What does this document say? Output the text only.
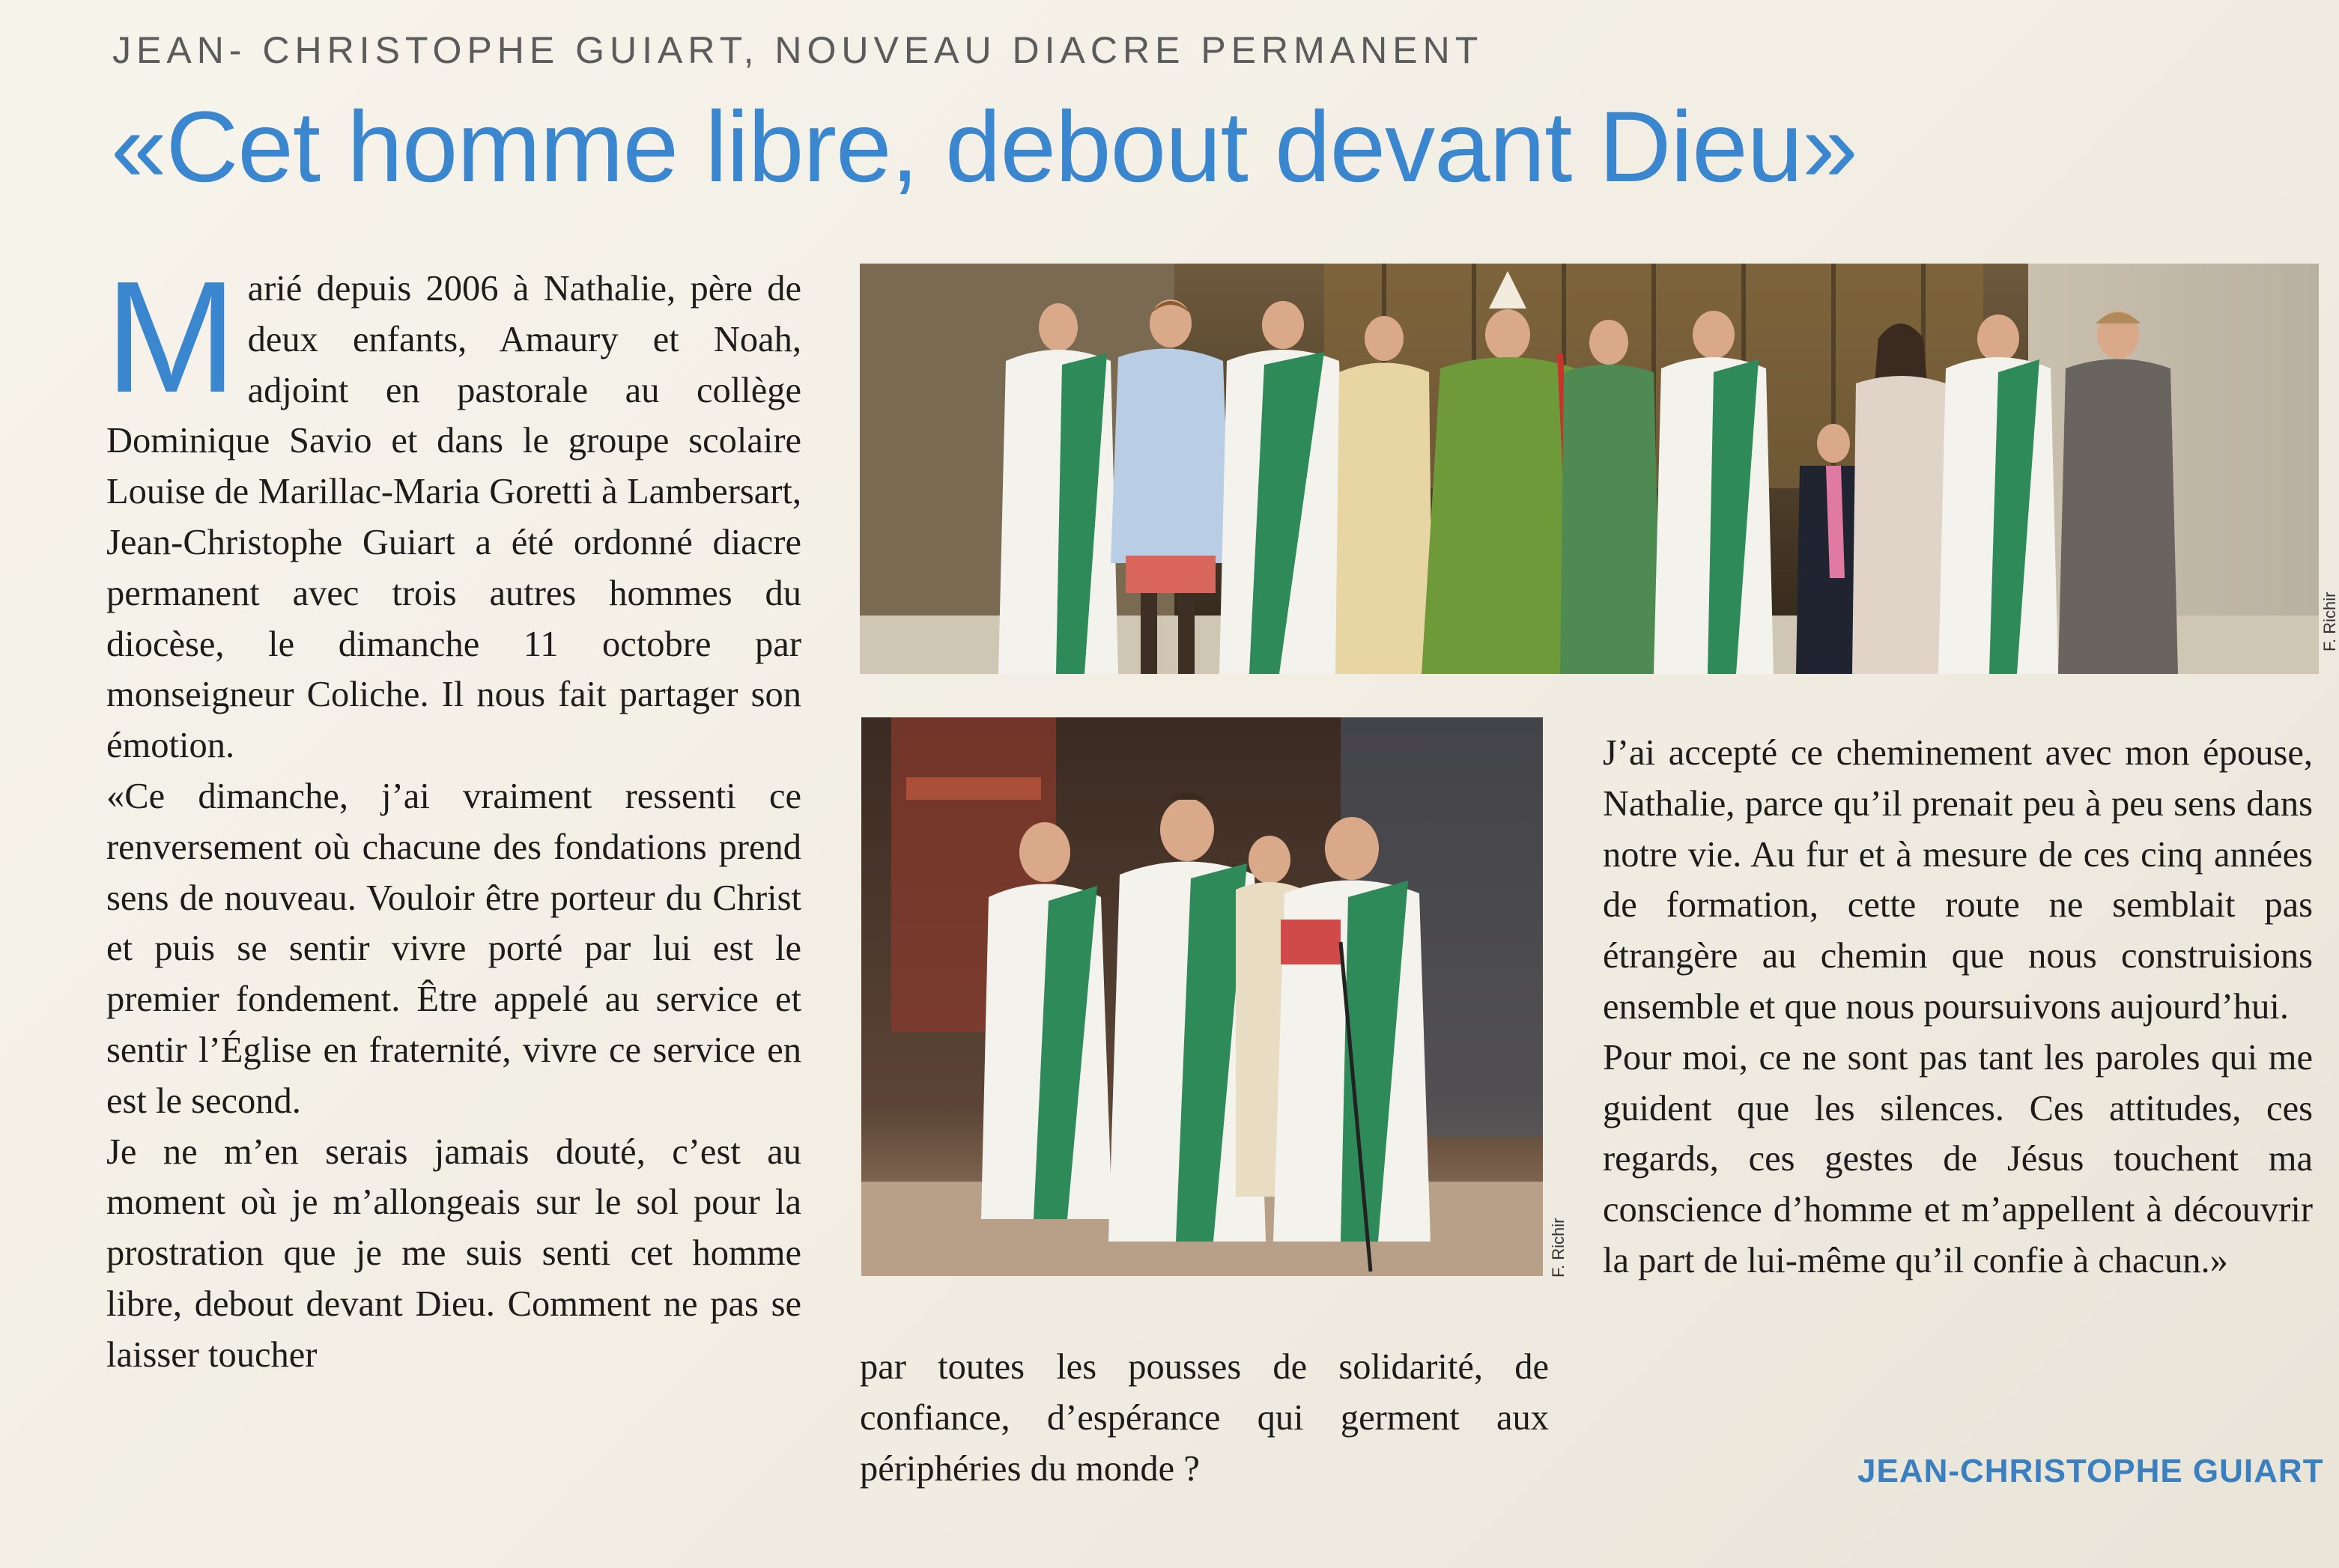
JEAN- CHRISTOPHE GUIART, NOUVEAU DIACRE PERMANENT
«Cet homme libre, debout devant Dieu»

Marié depuis 2006 à Nathalie, père de deux enfants, Amaury et Noah, adjoint en pastorale au collège Dominique Savio et dans le groupe scolaire Louise de Marillac-Maria Goretti à Lambersart, Jean-Christophe Guiart a été ordonné diacre permanent avec trois autres hommes du diocèse, le dimanche 11 octobre par monseigneur Coliche. Il nous fait partager son émotion.

«Ce dimanche, j’ai vraiment ressenti ce renversement où chacune des fondations prend sens de nouveau. Vouloir être porteur du Christ et puis se sentir vivre porté par lui est le premier fondement. Être appelé au service et sentir l’Église en fraternité, vivre ce service en est le second.

Je ne m’en serais jamais douté, c’est au moment où je m’allongeais sur le sol pour la prostration que je me suis senti cet homme libre, debout devant Dieu. Comment ne pas se laisser toucher

F. Richir
F. Richir

par toutes les pousses de solidarité, de confiance, d’espérance qui germent aux périphéries du monde ?

J’ai accepté ce cheminement avec mon épouse, Nathalie, parce qu’il prenait peu à peu sens dans notre vie. Au fur et à mesure de ces cinq années de formation, cette route ne semblait pas étrangère au chemin que nous construisions ensemble et que nous poursuivons aujourd’hui.

Pour moi, ce ne sont pas tant les paroles qui me guident que les silences. Ces attitudes, ces regards, ces gestes de Jésus touchent ma conscience d’homme et m’appellent à découvrir la part de lui-même qu’il confie à chacun.»

JEAN-CHRISTOPHE GUIART
